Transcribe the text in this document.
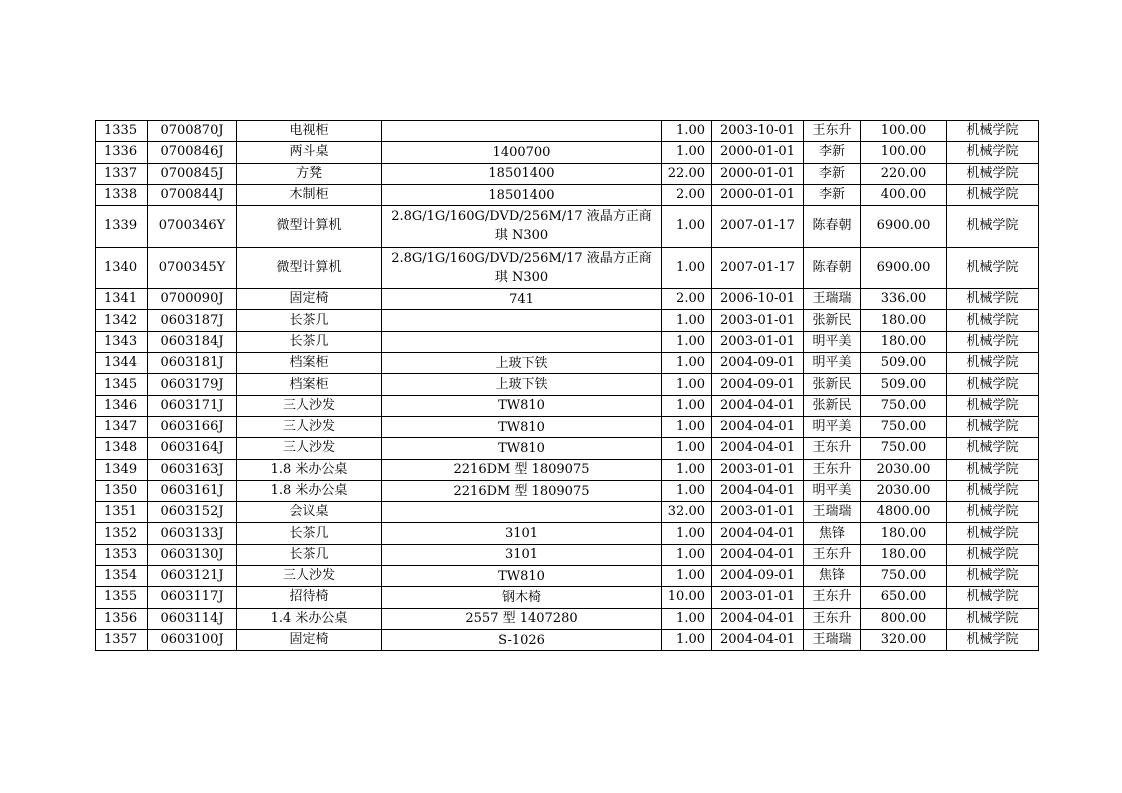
1335	0700870J	电视柜		1.00	2003-10-01	王东升	100.00	机械学院
1336	0700846J	两斗桌	1400700	1.00	2000-01-01	李新	100.00	机械学院
1337	0700845J	方凳	18501400	22.00	2000-01-01	李新	220.00	机械学院
1338	0700844J	木制柜	18501400	2.00	2000-01-01	李新	400.00	机械学院
1339	0700346Y	微型计算机	2.8G/1G/160G/DVD/256M/17 液晶方正商琪 N300	1.00	2007-01-17	陈春朝	6900.00	机械学院
1340	0700345Y	微型计算机	2.8G/1G/160G/DVD/256M/17 液晶方正商琪 N300	1.00	2007-01-17	陈春朝	6900.00	机械学院
1341	0700090J	固定椅	741	2.00	2006-10-01	王瑞瑞	336.00	机械学院
1342	0603187J	长茶几		1.00	2003-01-01	张新民	180.00	机械学院
1343	0603184J	长茶几		1.00	2003-01-01	明平美	180.00	机械学院
1344	0603181J	档案柜	上玻下铁	1.00	2004-09-01	明平美	509.00	机械学院
1345	0603179J	档案柜	上玻下铁	1.00	2004-09-01	张新民	509.00	机械学院
1346	0603171J	三人沙发	TW810	1.00	2004-04-01	张新民	750.00	机械学院
1347	0603166J	三人沙发	TW810	1.00	2004-04-01	明平美	750.00	机械学院
1348	0603164J	三人沙发	TW810	1.00	2004-04-01	王东升	750.00	机械学院
1349	0603163J	1.8 米办公桌	2216DM 型 1809075	1.00	2003-01-01	王东升	2030.00	机械学院
1350	0603161J	1.8 米办公桌	2216DM 型 1809075	1.00	2004-04-01	明平美	2030.00	机械学院
1351	0603152J	会议桌		32.00	2003-01-01	王瑞瑞	4800.00	机械学院
1352	0603133J	长茶几	3101	1.00	2004-04-01	焦锋	180.00	机械学院
1353	0603130J	长茶几	3101	1.00	2004-04-01	王东升	180.00	机械学院
1354	0603121J	三人沙发	TW810	1.00	2004-09-01	焦锋	750.00	机械学院
1355	0603117J	招待椅	钢木椅	10.00	2003-01-01	王东升	650.00	机械学院
1356	0603114J	1.4 米办公桌	2557 型 1407280	1.00	2004-04-01	王东升	800.00	机械学院
1357	0603100J	固定椅	S-1026	1.00	2004-04-01	王瑞瑞	320.00	机械学院
